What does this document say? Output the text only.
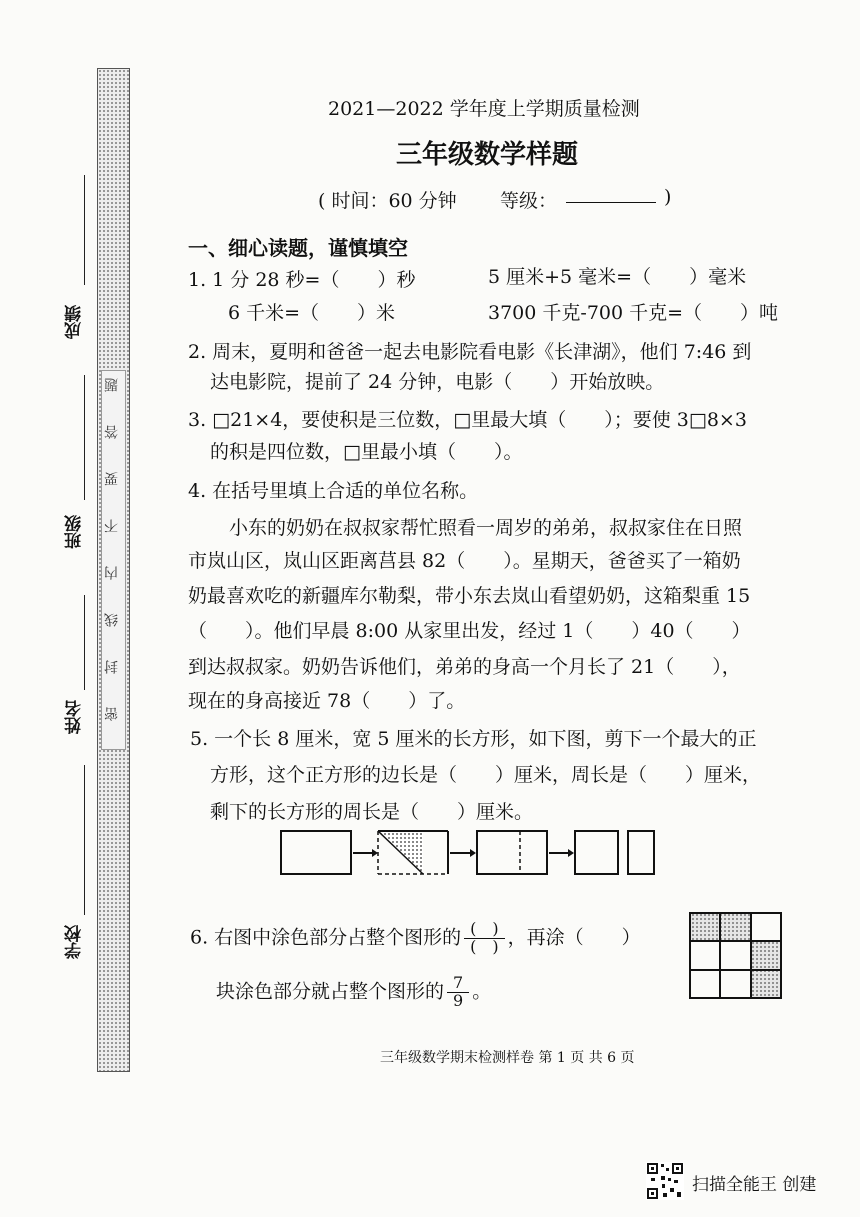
题
答
要
不
内
线
封
密
成绩
班级
姓名
学校
2021—2022 学年度上学期质量检测
三年级数学样题
( 时间：60 分钟 等级：	)
一、细心读题，谨慎填空
1. 1 分 28 秒=（　　）秒	5 厘米+5 毫米=（　　）毫米
6 千米=（　　）米	3700 千克-700 千克=（　　）吨
2. 周末，夏明和爸爸一起去电影院看电影《长津湖》，他们 7:46 到
达电影院，提前了 24 分钟，电影（　　）开始放映。
3. □21×4，要使积是三位数，□里最大填（　　）；要使 3□8×3
的积是四位数，□里最小填（　　）。
4. 在括号里填上合适的单位名称。
小东的奶奶在叔叔家帮忙照看一周岁的弟弟，叔叔家住在日照
市岚山区，岚山区距离莒县 82（　　）。星期天，爸爸买了一箱奶
奶最喜欢吃的新疆库尔勒梨，带小东去岚山看望奶奶，这箱梨重 15
（　　）。他们早晨 8:00 从家里出发，经过 1（　　）40（　　）
到达叔叔家。奶奶告诉他们，弟弟的身高一个月长了 21（　　），
现在的身高接近 78（　　）了。
5. 一个长 8 厘米，宽 5 厘米的长方形，如下图，剪下一个最大的正
方形，这个正方形的边长是（　　）厘米，周长是（　　）厘米，
剩下的长方形的周长是（　　）厘米。
6. 右图中涂色部分占整个图形的 $\frac{( )}{( )}$ ，再涂（　　）
块涂色部分就占整个图形的 $\frac{7}{9}$ 。
三年级数学期末检测样卷 第 1 页 共 6 页
扫描全能王 创建
